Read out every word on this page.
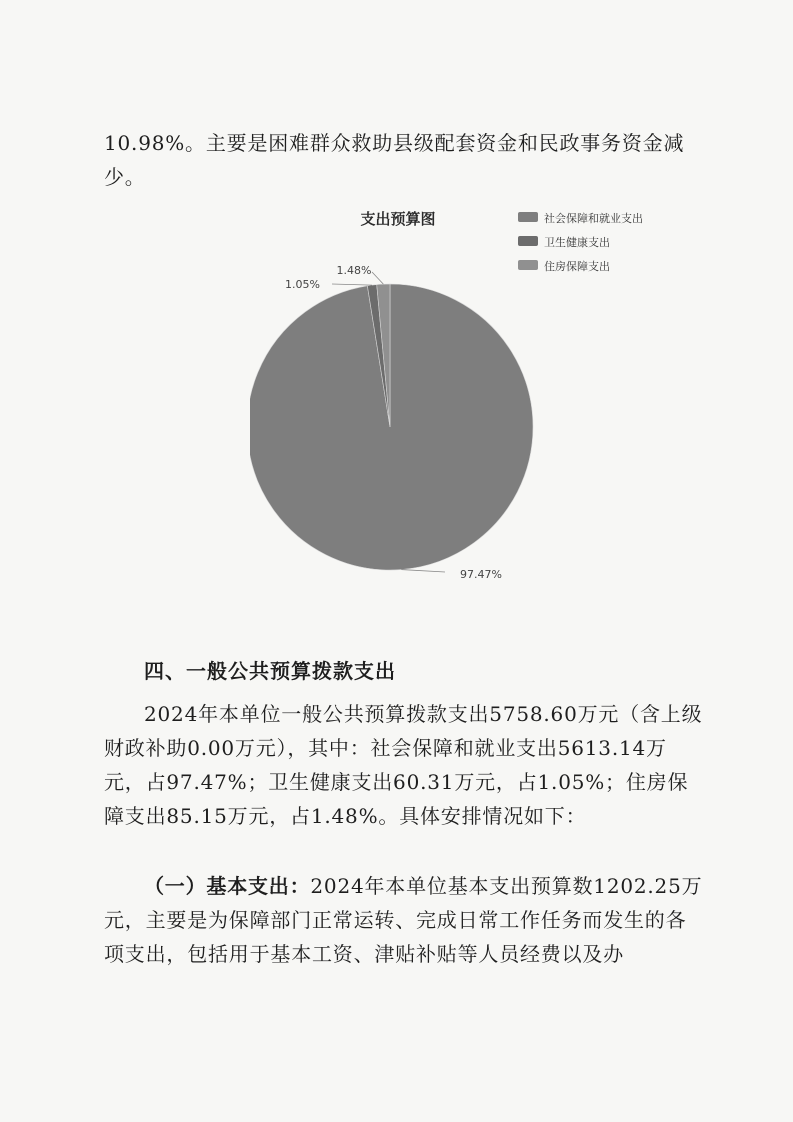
10.98%。主要是困难群众救助县级配套资金和民政事务资金减少。

支出预算图	社会保障和就业支出
卫生健康支出
住房保障支出
97.47%
1.05%
1.48%

四、一般公共预算拨款支出

2024年本单位一般公共预算拨款支出5758.60万元（含上级财政补助0.00万元），其中：社会保障和就业支出5613.14万元，占97.47%；卫生健康支出60.31万元，占1.05%；住房保障支出85.15万元，占1.48%。具体安排情况如下：

（一）基本支出：2024年本单位基本支出预算数1202.25万元，主要是为保障部门正常运转、完成日常工作任务而发生的各项支出，包括用于基本工资、津贴补贴等人员经费以及办
